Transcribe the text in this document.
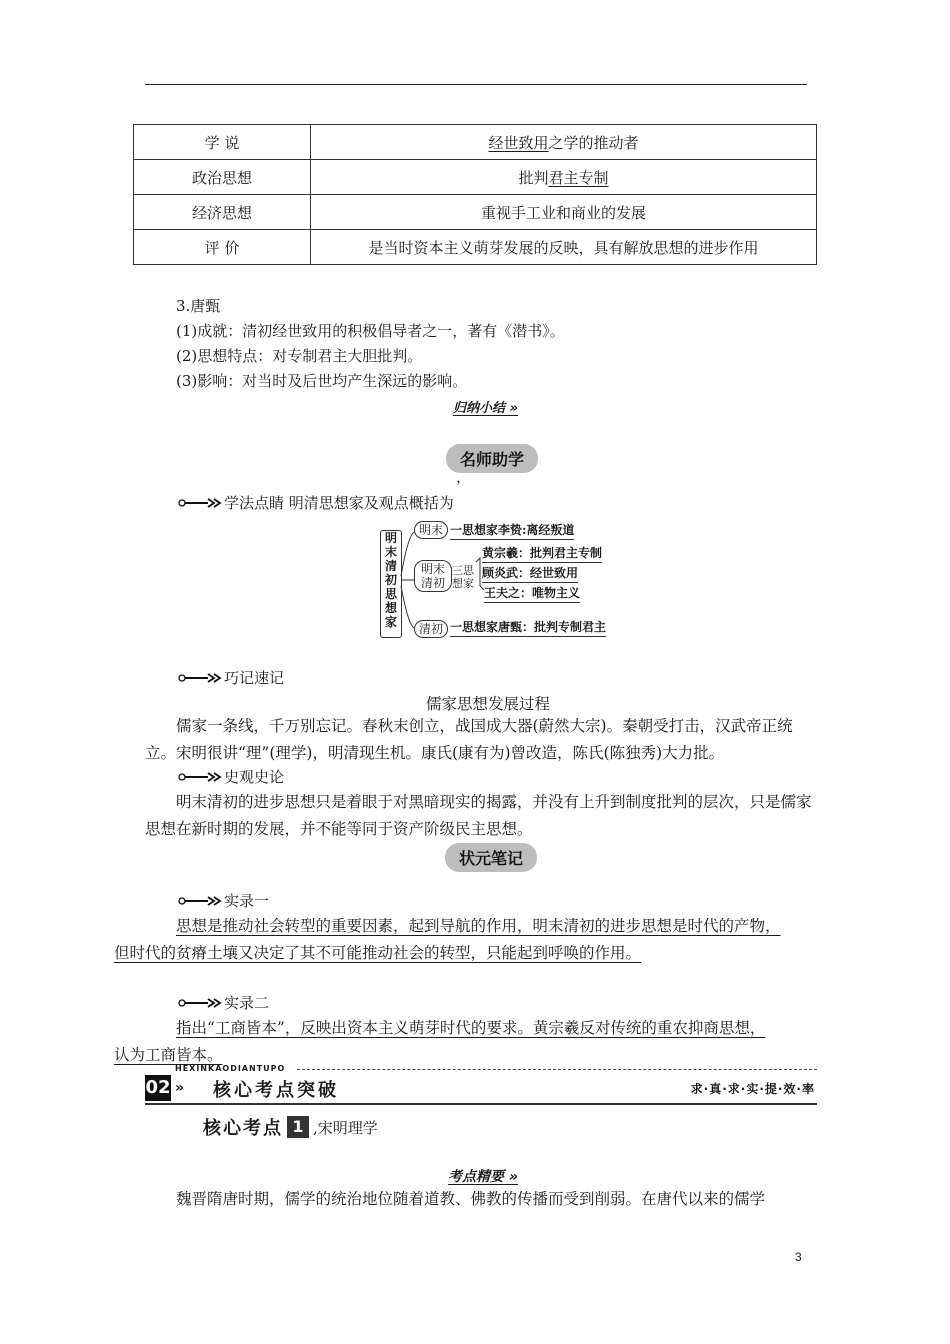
学 说	经世致用之学的推动者
政治思想	批判君主专制
经济思想	重视手工业和商业的发展
评 价	是当时资本主义萌芽发展的反映，具有解放思想的进步作用
3.唐甄
(1)成就：清初经世致用的积极倡导者之一，著有《潜书》。
(2)思想特点：对专制君主大胆批判。
(3)影响：对当时及后世均产生深远的影响。
归纳小结 »
名师助学
，
学法点睛 明清思想家及观点概括为
明末清初思想家
明末 一思想家李贽:离经叛道
明末清初
三思想家
黄宗羲：批判君主专制
顾炎武：经世致用
王夫之：唯物主义
清初 一思想家唐甄：批判专制君主
巧记速记
儒家思想发展过程
儒家一条线，千万别忘记。春秋末创立，战国成大器(蔚然大宗)。秦朝受打击，汉武帝正统立。宋明很讲“理”(理学)，明清现生机。康氏(康有为)曾改造，陈氏(陈独秀)大力批。
史观史论
明末清初的进步思想只是着眼于对黑暗现实的揭露，并没有上升到制度批判的层次，只是儒家思想在新时期的发展，并不能等同于资产阶级民主思想。
状元笔记
实录一
思想是推动社会转型的重要因素，起到导航的作用，明末清初的进步思想是时代的产物，
但时代的贫瘠土壤又决定了其不可能推动社会的转型，只能起到呼唤的作用。
实录二
指出“工商皆本”，反映出资本主义萌芽时代的要求。黄宗羲反对传统的重农抑商思想，
认为工商皆本。
02
HEXINKAODIANTUPO
» 核心考点突破	求·真·求·实·提·效·率
核心考点 1 ,宋明理学
考点精要 »
魏晋隋唐时期，儒学的统治地位随着道教、佛教的传播而受到削弱。在唐代以来的儒学
3
